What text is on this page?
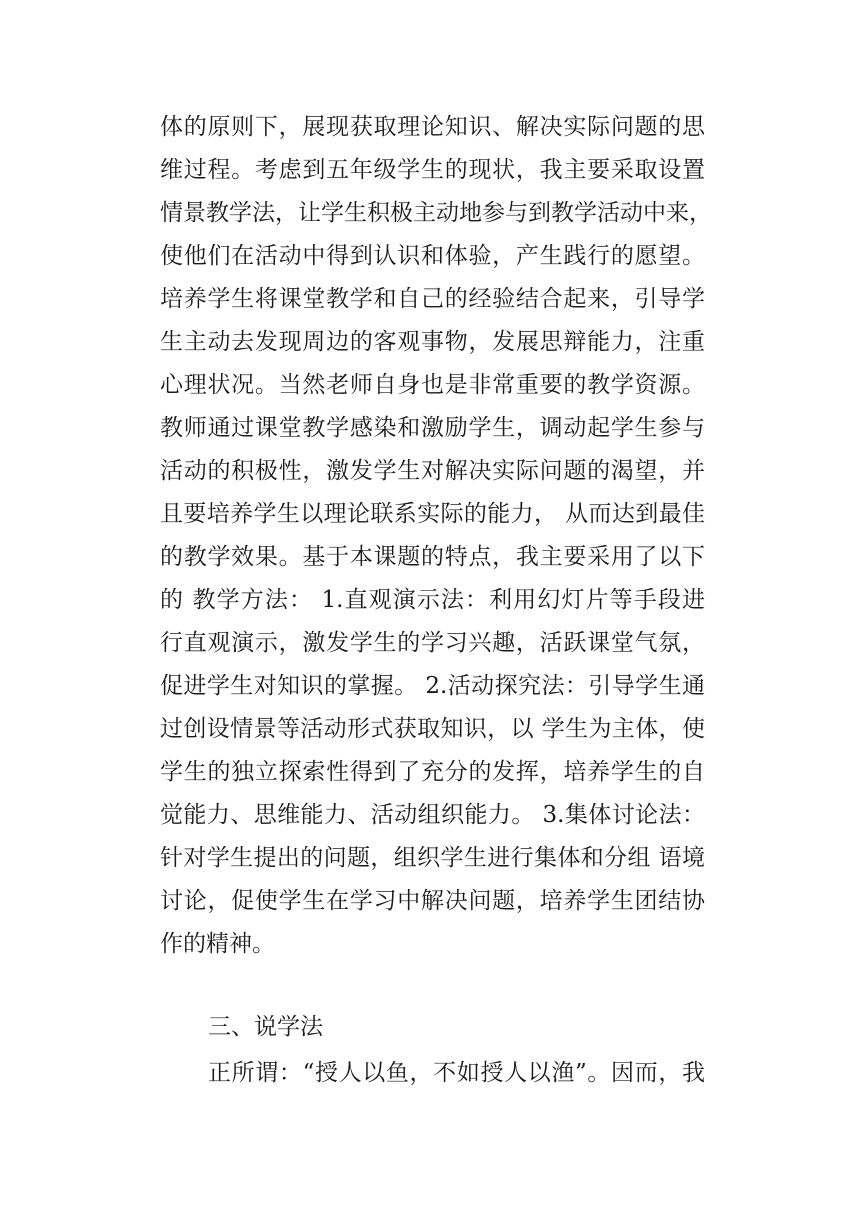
体的原则下，展现获取理论知识、解决实际问题的思
维过程。考虑到五年级学生的现状，我主要采取设置
情景教学法，让学生积极主动地参与到教学活动中来，
使他们在活动中得到认识和体验，产生践行的愿望。
培养学生将课堂教学和自己的经验结合起来，引导学
生主动去发现周边的客观事物，发展思辩能力，注重
心理状况。当然老师自身也是非常重要的教学资源。
教师通过课堂教学感染和激励学生，调动起学生参与
活动的积极性，激发学生对解决实际问题的渴望，并
且要培养学生以理论联系实际的能力， 从而达到最佳
的教学效果。基于本课题的特点，我主要采用了以下
的 教学方法： 1.直观演示法：利用幻灯片等手段进
行直观演示，激发学生的学习兴趣，活跃课堂气氛，
促进学生对知识的掌握。 2.活动探究法：引导学生通
过创设情景等活动形式获取知识，以 学生为主体，使
学生的独立探索性得到了充分的发挥，培养学生的自
觉能力、思维能力、活动组织能力。 3.集体讨论法：
针对学生提出的问题，组织学生进行集体和分组 语境
讨论，促使学生在学习中解决问题，培养学生团结协
作的精神。
三、说学法
正所谓：“授人以鱼，不如授人以渔”。因而，我
